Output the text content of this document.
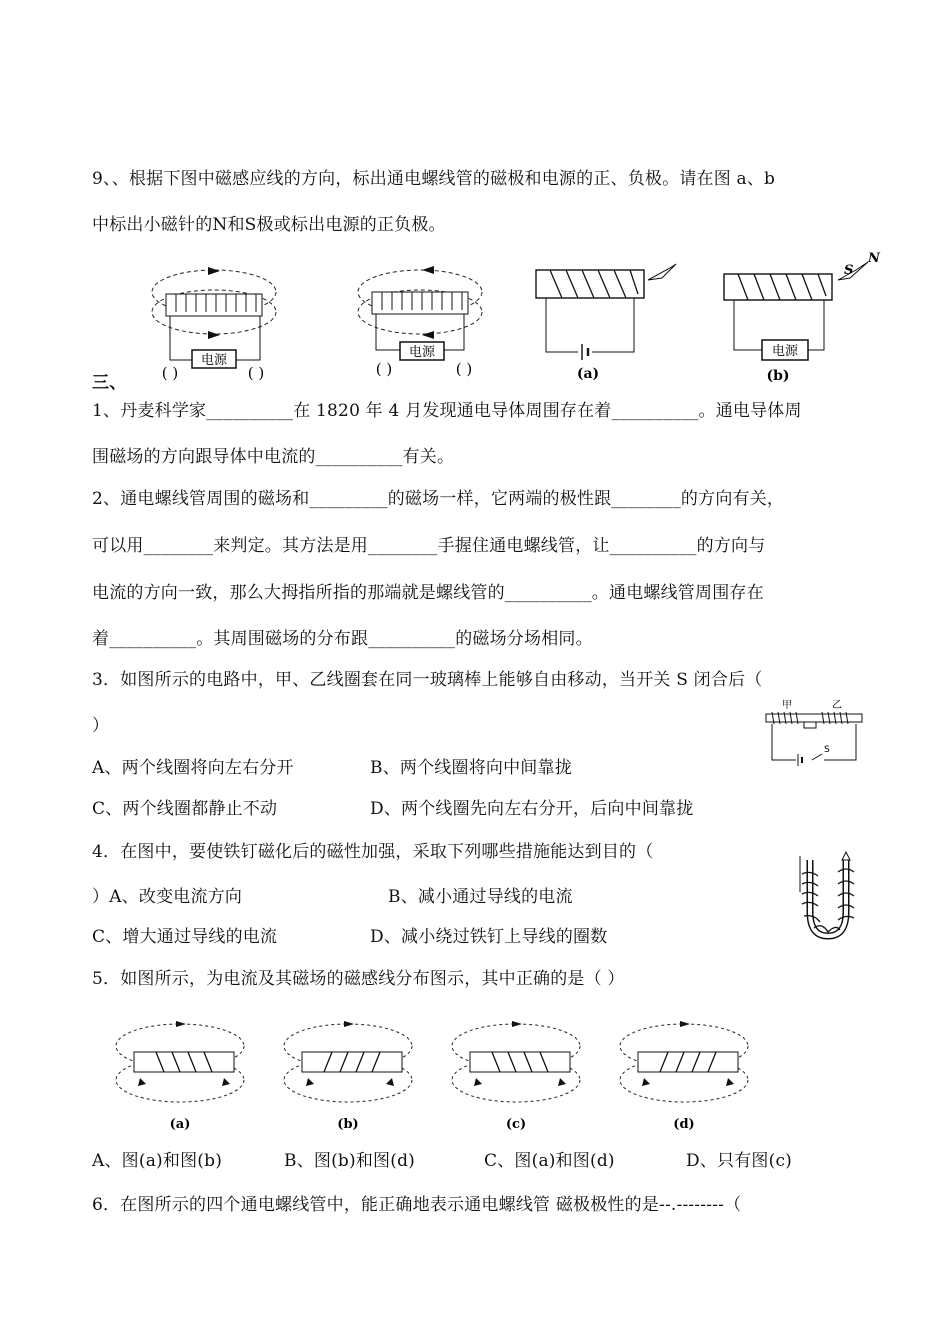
9、、根据下图中磁感应线的方向，标出通电螺线管的磁极和电源的正、负极。请在图 a、b
中标出小磁针的N和S极或标出电源的正负极。
电源
( )	( )
电源
( )	( )	(a)
S
N
电源
(b)
三、
1、丹麦科学家__________在 1820 年 4 月发现通电导体周围存在着__________。通电导体周
围磁场的方向跟导体中电流的__________有关。
2、通电螺线管周围的磁场和_________的磁场一样，它两端的极性跟________的方向有关，
可以用________来判定。其方法是用________手握住通电螺线管，让__________的方向与
电流的方向一致，那么大拇指所指的那端就是螺线管的__________。通电螺线管周围存在
着__________。其周围磁场的分布跟__________的磁场分场相同。
3．如图所示的电路中，甲、乙线圈套在同一玻璃棒上能够自由移动，当开关 S 闭合后（
）
A、两个线圈将向左右分开	B、两个线圈将向中间靠拢
C、两个线圈都静止不动	D、两个线圈先向左右分开，后向中间靠拢
甲	乙
S
4．在图中，要使铁钉磁化后的磁性加强，采取下列哪些措施能达到目的（
）A、改变电流方向	B、减小通过导线的电流
C、增大通过导线的电流	D、减小绕过铁钉上导线的圈数
5．如图所示，为电流及其磁场的磁感线分布图示，其中正确的是（ ）
(a)	(b)	(c)	(d)
A、图(a)和图(b)	B、图(b)和图(d)	C、图(a)和图(d)	D、只有图(c)
6．在图所示的四个通电螺线管中，能正确地表示通电螺线管 磁极极性的是--.--------（
